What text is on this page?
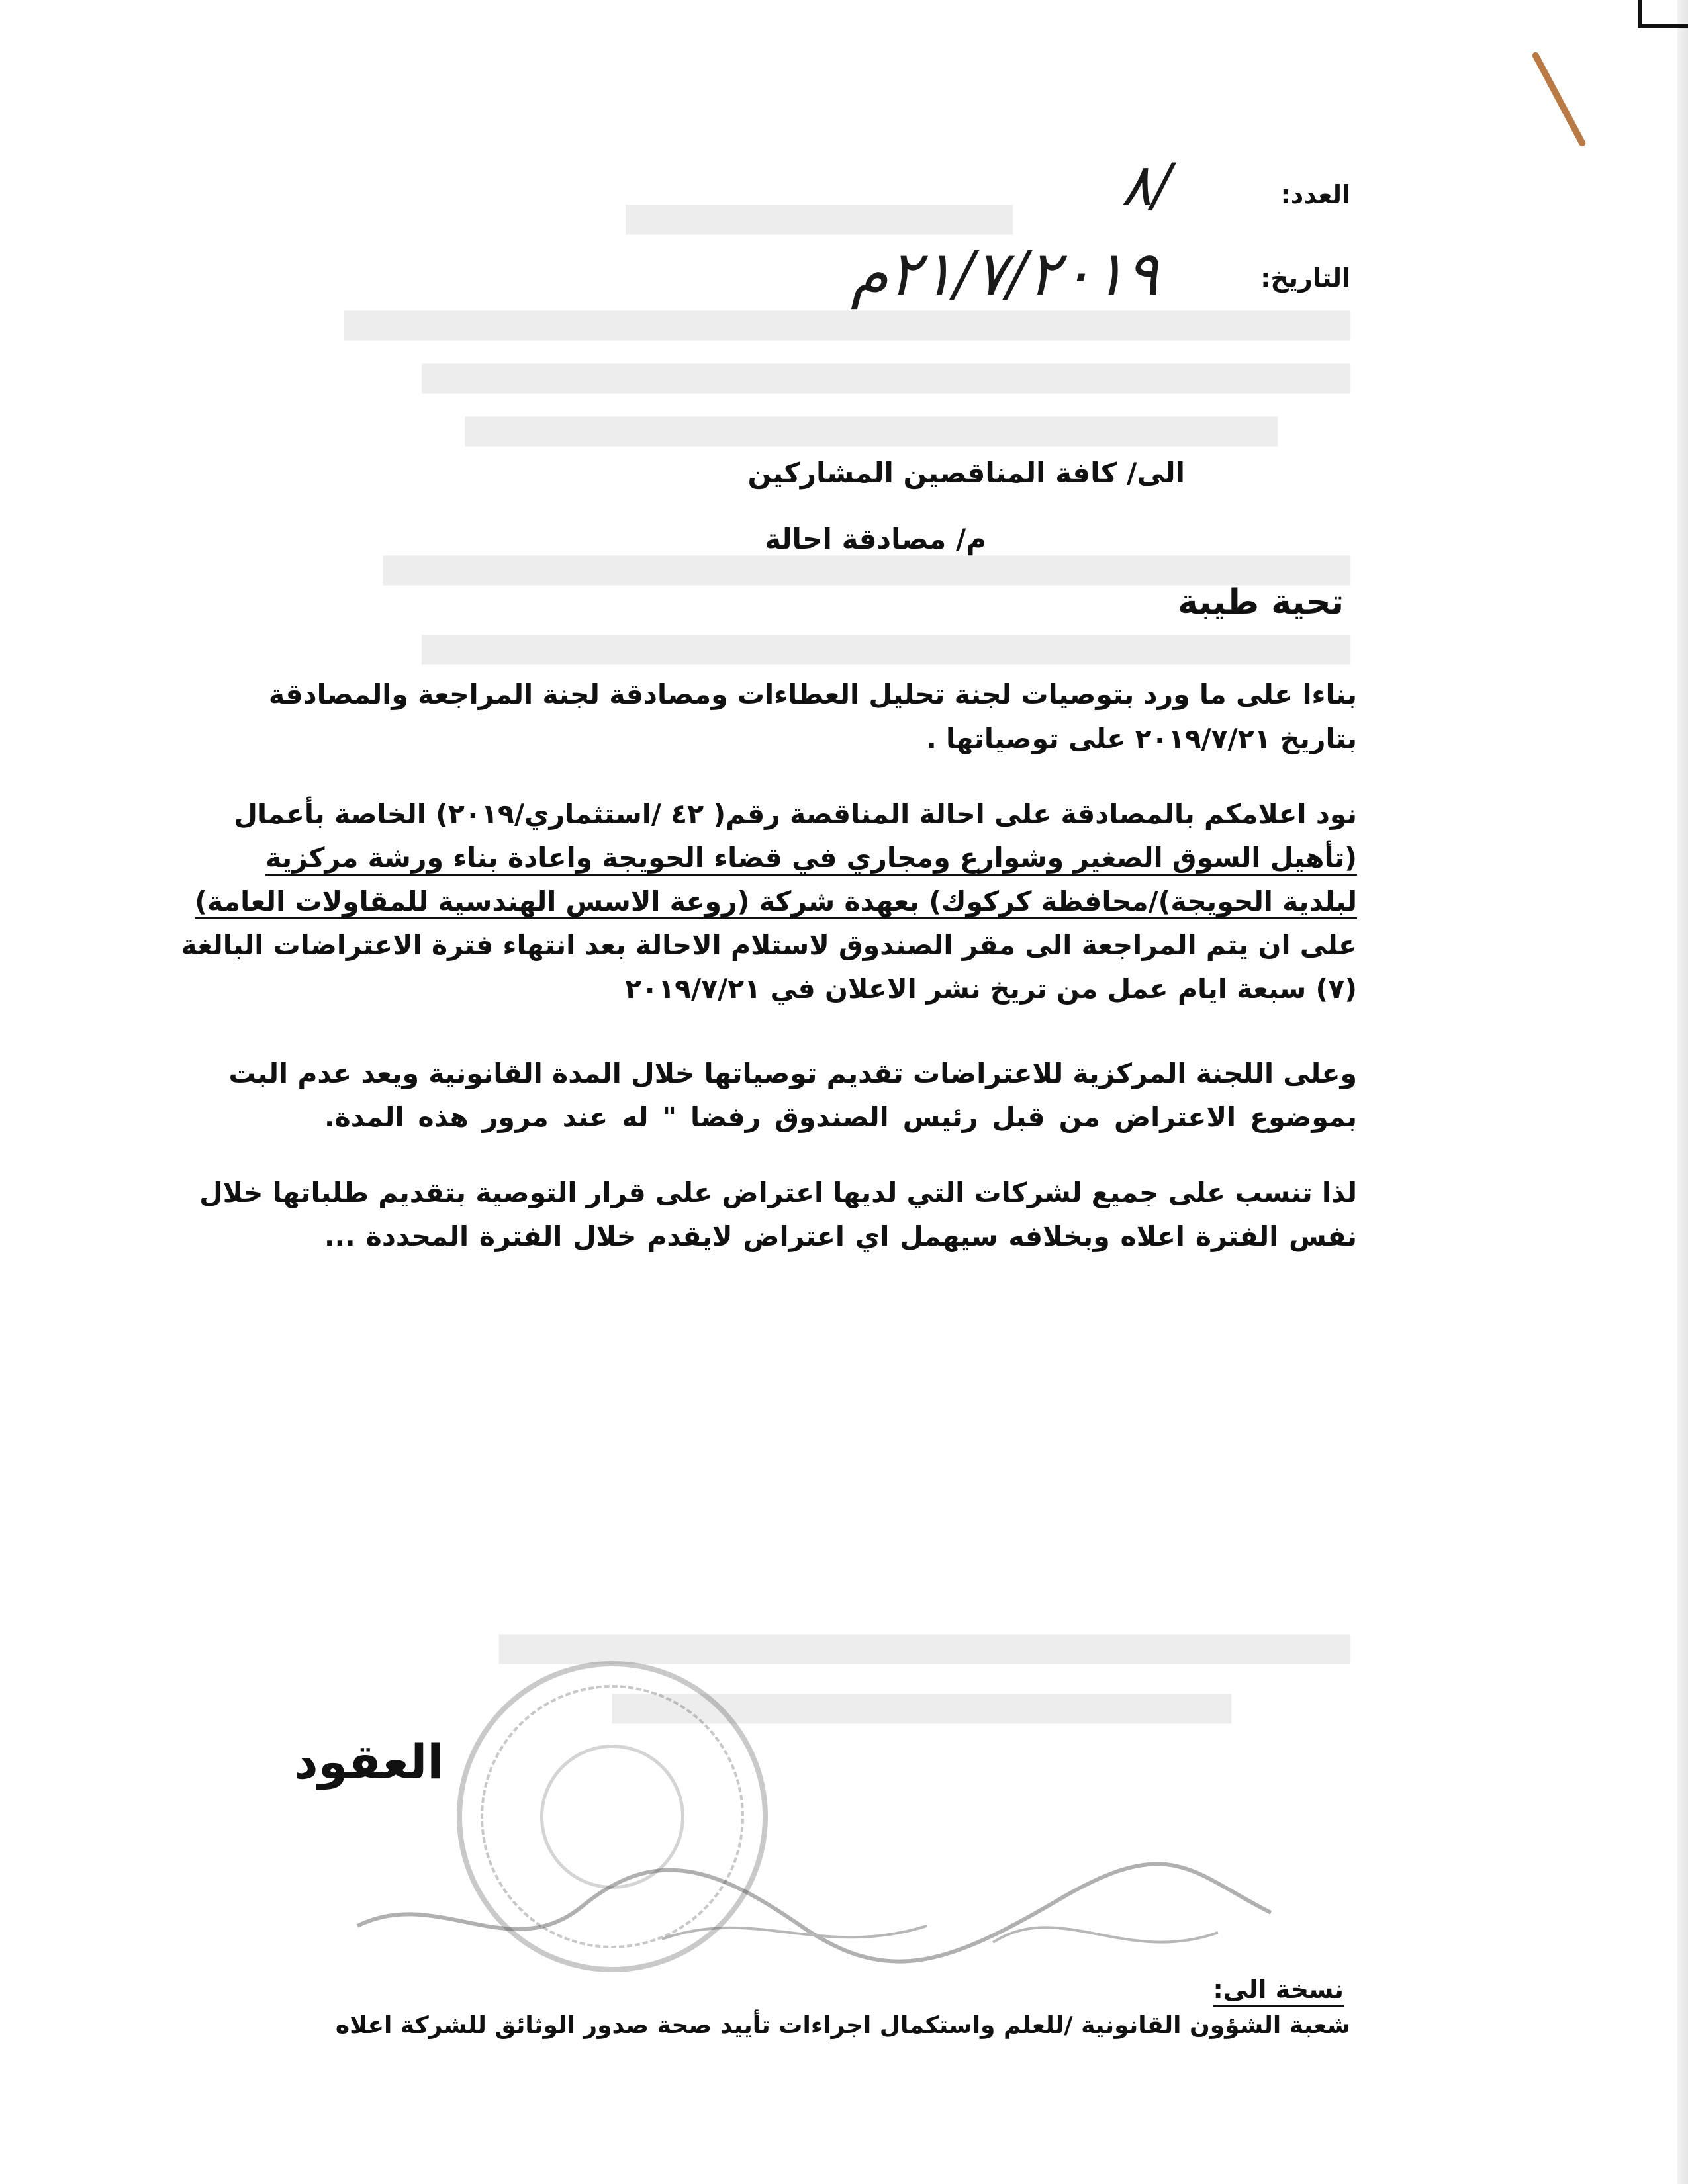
████████████████████
████████████████████████████████████████████████████
████████████████████████████████████████████████
██████████████████████████████████████████
██████████████████████████████████████████████████
████████████████████████████████████████████████
████████████████████████████████████████████
████████████████████████████████
العدد:
٨/
التاريخ:
٢١/٧/٢٠١٩م
الى/ كافة المناقصين المشاركين
م/ مصادقة احالة
تحية طيبة
بناءا على ما ورد بتوصيات لجنة تحليل العطاءات ومصادقة لجنة المراجعة والمصادقة
بتاريخ ٢٠١٩/٧/٢١ على توصياتها .
نود اعلامكم بالمصادقة على احالة المناقصة رقم( ٤٢ /استثماري/٢٠١٩) الخاصة بأعمال
(تأهيل السوق الصغير وشوارع ومجاري في قضاء الحويجة واعادة بناء ورشة مركزية
لبلدية الحويجة)/محافظة كركوك) بعهدة شركة (روعة الاسس الهندسية للمقاولات العامة)
على ان يتم المراجعة الى مقر الصندوق لاستلام الاحالة بعد انتهاء فترة الاعتراضات البالغة
(٧) سبعة ايام عمل من تريخ نشر الاعلان في ٢٠١٩/٧/٢١
وعلى اللجنة المركزية للاعتراضات تقديم توصياتها خلال المدة القانونية ويعد عدم البت
بموضوع الاعتراض من قبل رئيس الصندوق رفضا " له عند مرور هذه المدة.
لذا تنسب على جميع لشركات التي لديها اعتراض على قرار التوصية بتقديم طلباتها خلال
نفس الفترة اعلاه وبخلافه سيهمل اي اعتراض لايقدم خلال الفترة المحددة ...
العقود
نسخة الى:
شعبة الشؤون القانونية /للعلم واستكمال اجراءات تأييد صحة صدور الوثائق للشركة اعلاه
